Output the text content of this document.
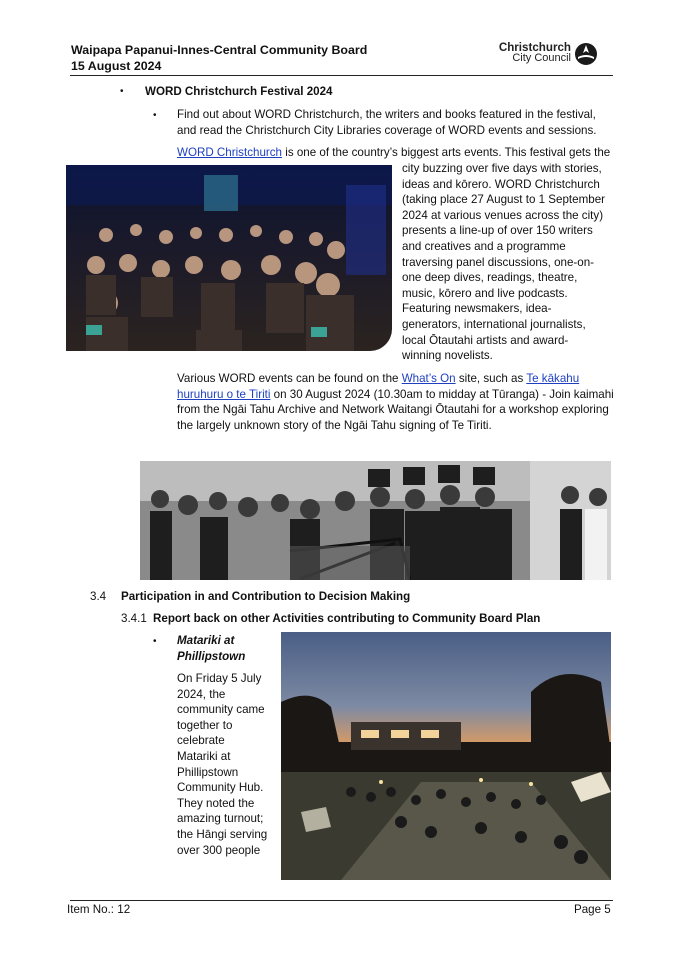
Waipapa Papanui-Innes-Central Community Board
15 August 2024
Christchurch
City Council
• WORD Christchurch Festival 2024
• Find out about WORD Christchurch, the writers and books featured in the festival, and read the Christchurch City Libraries coverage of WORD events and sessions.
WORD Christchurch is one of the country’s biggest arts events. This festival gets the
city buzzing over five days with stories,
ideas and kōrero. WORD Christchurch
(taking place 27 August to 1 September
2024 at various venues across the city)
presents a line-up of over 150 writers
and creatives and a programme
traversing panel discussions, one-on-
one deep dives, readings, theatre,
music, kōrero and live podcasts.
Featuring newsmakers, idea-
generators, international journalists,
local Ōtautahi artists and award-
winning novelists.
Various WORD events can be found on the What’s On site, such as Te kākahu huruhuru o te Tiriti on 30 August 2024 (10.30am to midday at Tūranga) - Join kaimahi from the Ngāi Tahu Archive and Network Waitangi Ōtautahi for a workshop exploring the largely unknown story of the Ngāi Tahu signing of Te Tiriti.
3.4 Participation in and Contribution to Decision Making
3.4.1 Report back on other Activities contributing to Community Board Plan
• Matariki at
Phillipstown
On Friday 5 July
2024, the
community came
together to
celebrate
Matariki at
Phillipstown
Community Hub.
They noted the
amazing turnout;
the Hāngi serving
over 300 people
Item No.: 12	Page 5
